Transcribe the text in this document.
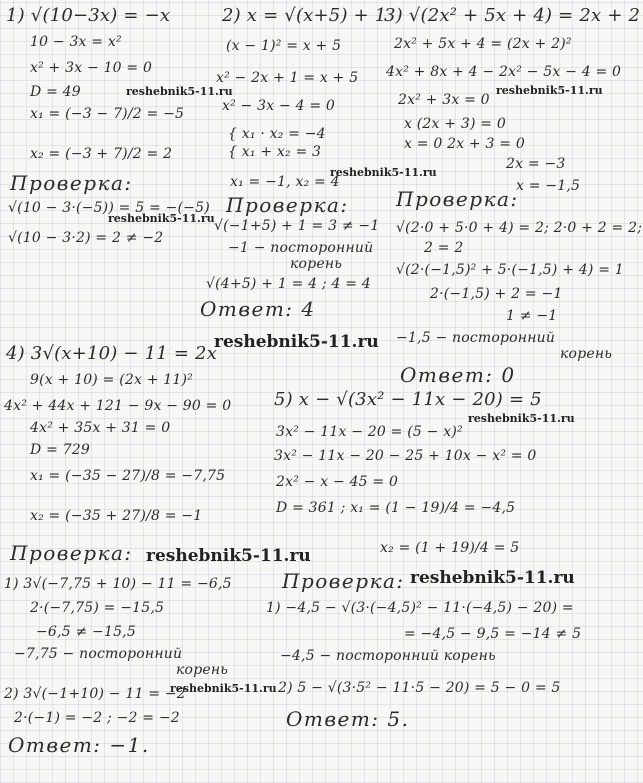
1) √(10−3x) = −x
10 − 3x = x²
x² + 3x − 10 = 0
D = 49
x₁ = (−3 − 7)/2 = −5
x₂ = (−3 + 7)/2 = 2
Проверка:
√(10 − 3·(−5)) = 5 = −(−5)
√(10 − 3·2) = 2 ≠ −2
2) x = √(x+5) + 1
(x − 1)² = x + 5
x² − 2x + 1 = x + 5
x² − 3x − 4 = 0
{ x₁ · x₂ = −4
{ x₁ + x₂ = 3
x₁ = −1, x₂ = 4
Проверка:
√(−1+5) + 1 = 3 ≠ −1
−1 − посторонний
корень
√(4+5) + 1 = 4 ; 4 = 4
Ответ: 4
3) √(2x² + 5x + 4) = 2x + 2
2x² + 5x + 4 = (2x + 2)²
4x² + 8x + 4 − 2x² − 5x − 4 = 0
2x² + 3x = 0
x (2x + 3) = 0
x = 0 2x + 3 = 0
2x = −3
x = −1,5
Проверка:
√(2·0 + 5·0 + 4) = 2; 2·0 + 2 = 2;
2 = 2
√(2·(−1,5)² + 5·(−1,5) + 4) = 1
2·(−1,5) + 2 = −1
1 ≠ −1
−1,5 − посторонний
корень
Ответ: 0
4) 3√(x+10) − 11 = 2x
9(x + 10) = (2x + 11)²
4x² + 44x + 121 − 9x − 90 = 0
4x² + 35x + 31 = 0
D = 729
x₁ = (−35 − 27)/8 = −7,75
x₂ = (−35 + 27)/8 = −1
Проверка:
1) 3√(−7,75 + 10) − 11 = −6,5
2·(−7,75) = −15,5
−6,5 ≠ −15,5
−7,75 − посторонний
корень
2) 3√(−1+10) − 11 = −2
2·(−1) = −2 ; −2 = −2
Ответ: −1.
5) x − √(3x² − 11x − 20) = 5
3x² − 11x − 20 = (5 − x)²
3x² − 11x − 20 − 25 + 10x − x² = 0
2x² − x − 45 = 0
D = 361 ; x₁ = (1 − 19)/4 = −4,5
x₂ = (1 + 19)/4 = 5
Проверка:
1) −4,5 − √(3·(−4,5)² − 11·(−4,5) − 20) =
= −4,5 − 9,5 = −14 ≠ 5
−4,5 − посторонний корень
2) 5 − √(3·5² − 11·5 − 20) = 5 − 0 = 5
Ответ: 5.
reshebnik5-11.ru	reshebnik5-11.ru
reshebnik5-11.ru
reshebnik5-11.ru
reshebnik5-11.ru
reshebnik5-11.ru
reshebnik5-11.ru
reshebnik5-11.ru
reshebnik5-11.ru
